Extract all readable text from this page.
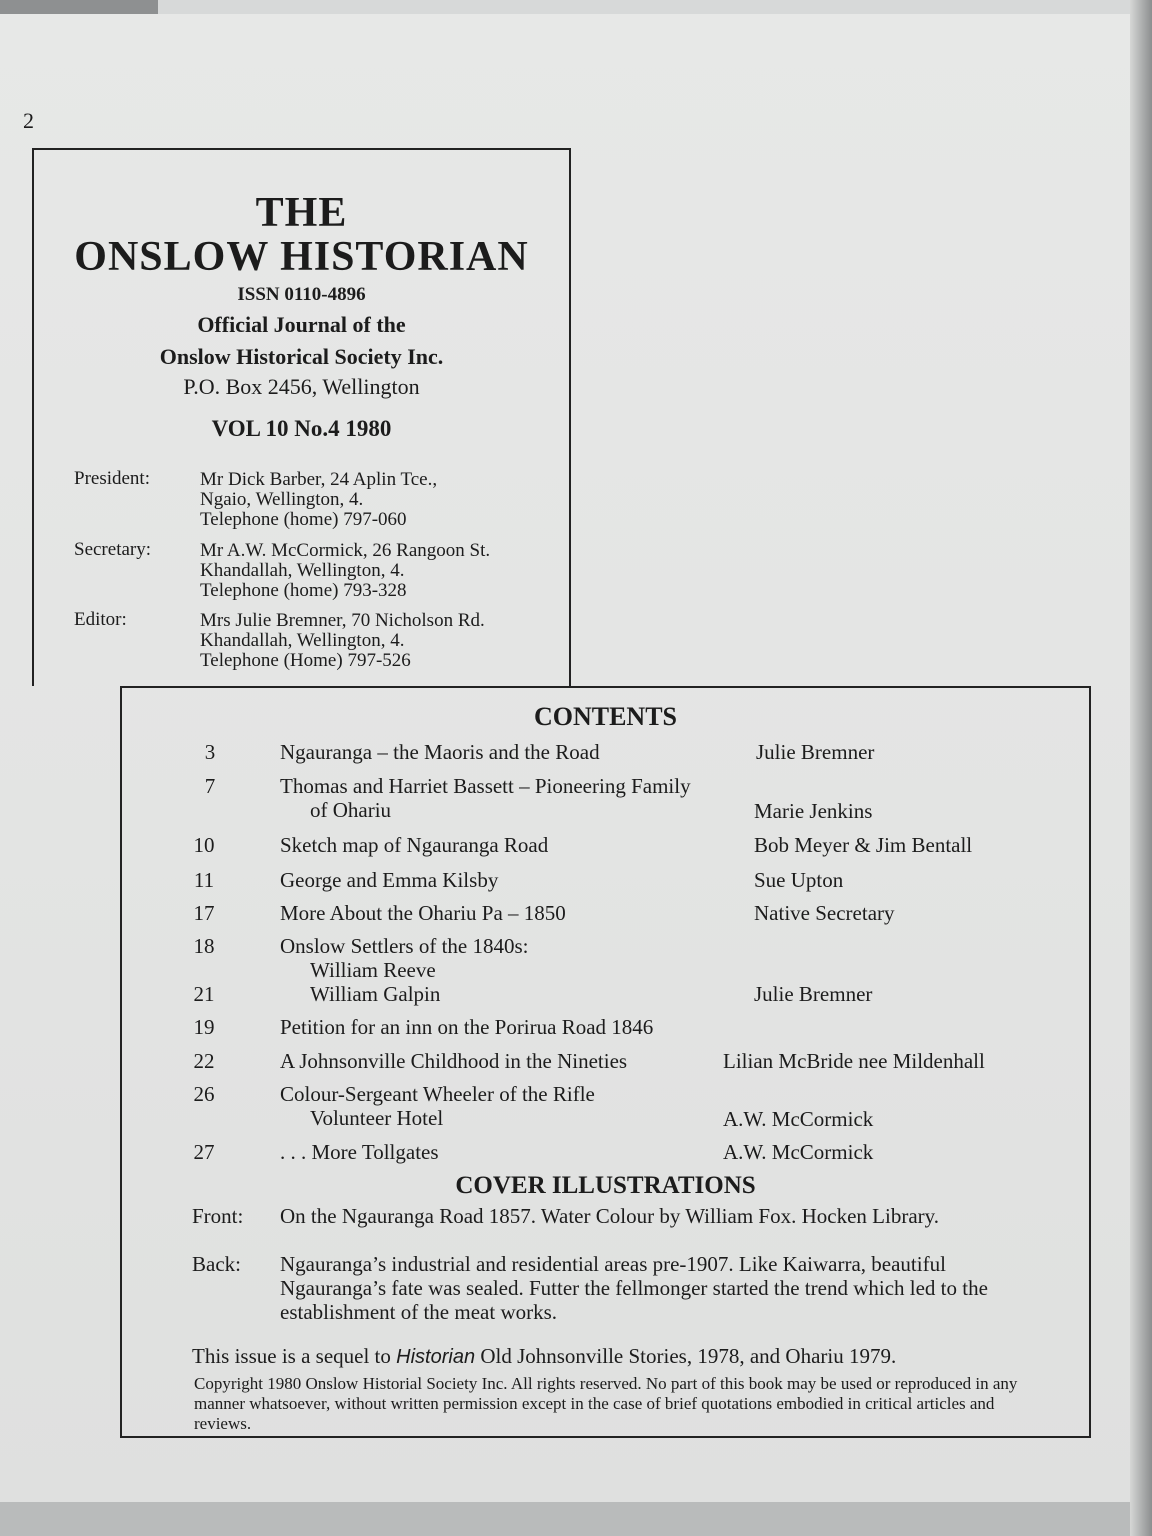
2
THE
ONSLOW HISTORIAN
ISSN 0110-4896
Official Journal of the
Onslow Historical Society Inc.
P.O. Box 2456, Wellington
VOL 10 No.4 1980
President:	Mr Dick Barber, 24 Aplin Tce.,
Ngaio, Wellington, 4.
Telephone (home) 797-060
Secretary:	Mr A.W. McCormick, 26 Rangoon St.
Khandallah, Wellington, 4.
Telephone (home) 793-328
Editor:	Mrs Julie Bremner, 70 Nicholson Rd.
Khandallah, Wellington, 4.
Telephone (Home) 797-526
CONTENTS
3	Ngauranga – the Maoris and the Road	Julie Bremner
7	Thomas and Harriet Bassett – Pioneering Family
of Ohariu	Marie Jenkins
10	Sketch map of Ngauranga Road	Bob Meyer & Jim Bentall
11	George and Emma Kilsby	Sue Upton
17	More About the Ohariu Pa – 1850	Native Secretary
18	Onslow Settlers of the 1840s:
William Reeve
21	William Galpin	Julie Bremner
19	Petition for an inn on the Porirua Road 1846
22	A Johnsonville Childhood in the Nineties	Lilian McBride nee Mildenhall
26	Colour-Sergeant Wheeler of the Rifle
Volunteer Hotel	A.W. McCormick
27	. . . More Tollgates	A.W. McCormick
COVER ILLUSTRATIONS
Front: On the Ngauranga Road 1857. Water Colour by William Fox. Hocken Library.
Back: Ngauranga’s industrial and residential areas pre-1907. Like Kaiwarra, beautiful Ngauranga’s fate was sealed. Futter the fellmonger started the trend which led to the establishment of the meat works.
This issue is a sequel to Historian Old Johnsonville Stories, 1978, and Ohariu 1979.
Copyright 1980 Onslow Historial Society Inc. All rights reserved. No part of this book may be used or reproduced in any manner whatsoever, without written permission except in the case of brief quotations embodied in critical articles and reviews.
